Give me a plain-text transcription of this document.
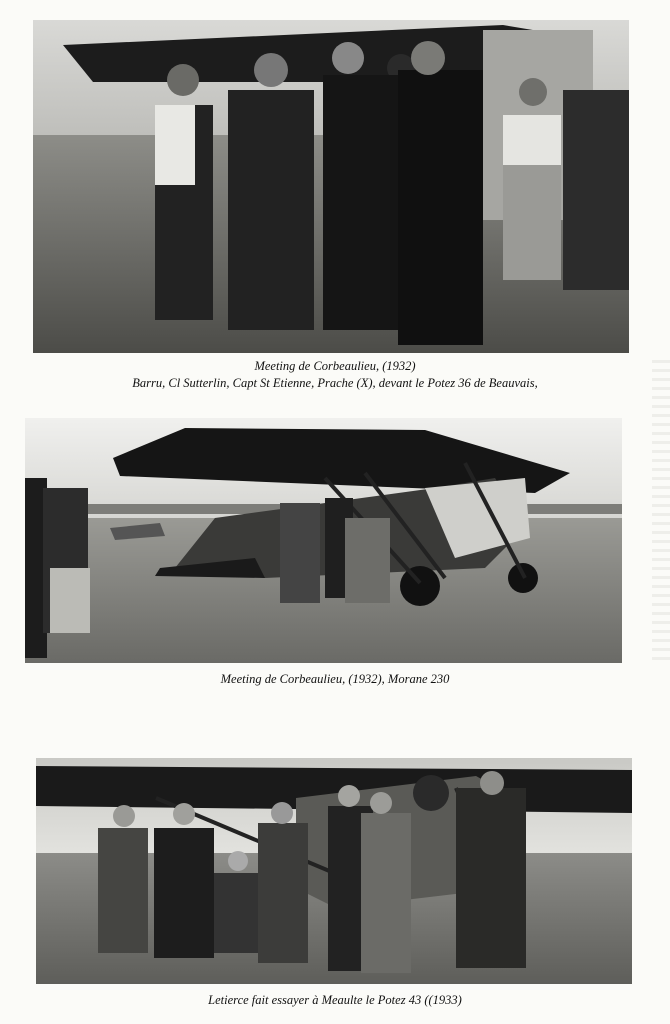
Meeting de Corbeaulieu, (1932)
Barru, Cl Sutterlin, Capt St Etienne, Prache (X), devant le Potez 36 de Beauvais,
Meeting de Corbeaulieu, (1932), Morane 230
Letierce fait essayer à Meaulte le Potez 43 ((1933)
